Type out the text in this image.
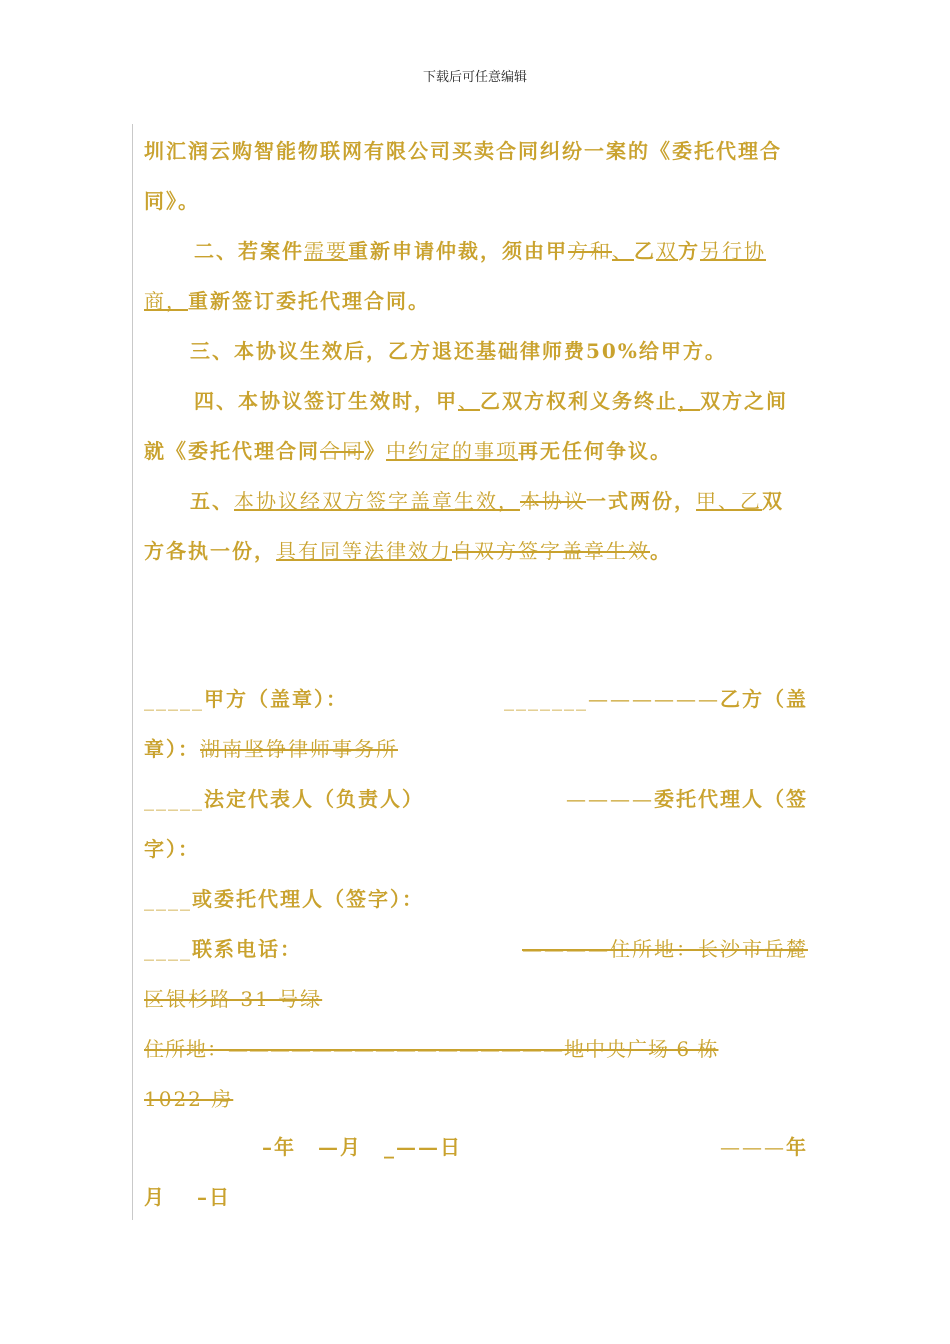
下载后可任意编辑
圳汇润云购智能物联网有限公司买卖合同纠纷一案的《委托代理合
同》。
二、若案件需要重新申请仲裁，须由甲方和、乙双方另行协
商，重新签订委托代理合同。
三、本协议生效后，乙方退还基础律师费50%给甲方。
四、本协议签订生效时，甲、乙双方权利义务终止，双方之间
就《委托代理合同合同》中约定的事项再无任何争议。
五、本协议经双方签字盖章生效，本协议一式两份，甲、乙双
方各执一份，具有同等法律效力自双方签字盖章生效。
_____甲方（盖章）：	_______——————乙方（盖
章）：湖南坚铮律师事务所
_____法定代表人（负责人）	————委托代理人（签
字）：
____或委托代理人（签字）：
____联系电话：	————住所地：长沙市岳麓
区银杉路 31 号绿
住所地：————————————————地中央广场 6 栋
1022 房
–年　—月　_——日	———年
月　 –日
